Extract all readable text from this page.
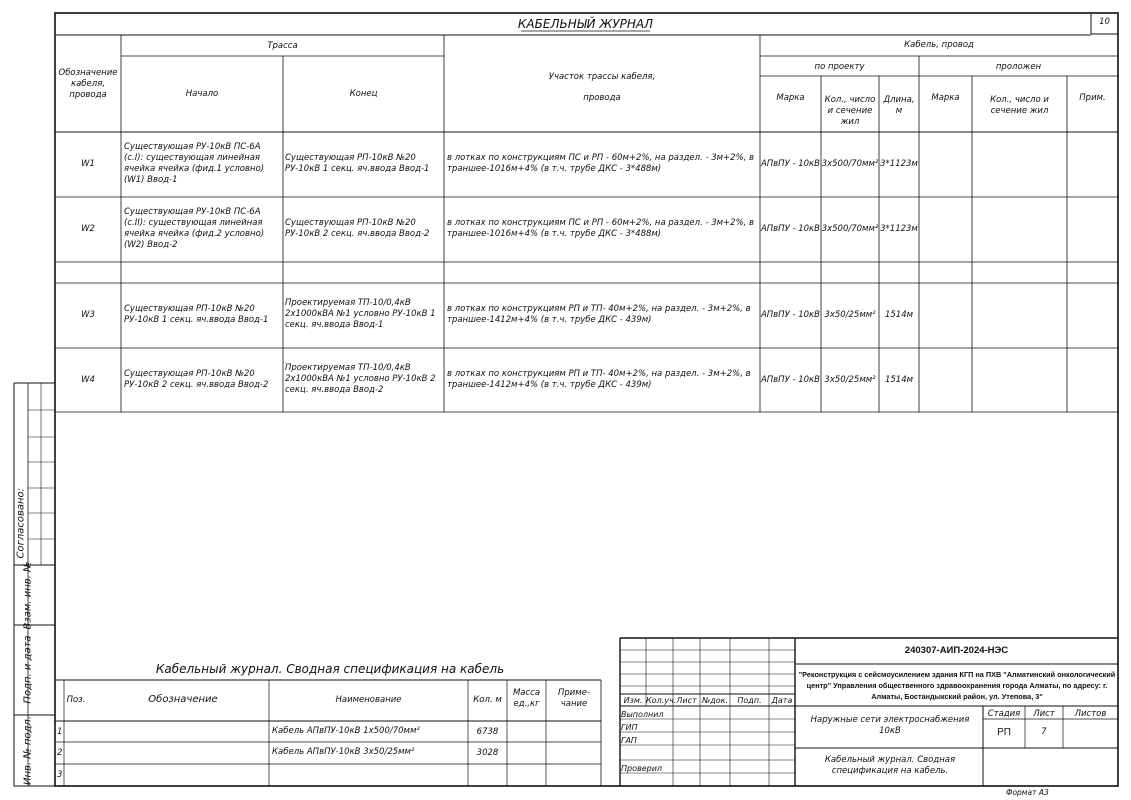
10
КАБЕЛЬНЫЙ ЖУРНАЛ
Обозначение кабеля, провода
Трасса
Начало	Конец
Участок трассы кабеля, провода
Кабель, провод
по проекту	проложен
Марка	Кол., число и сечение жил
Длина, м
Марка	Кол., число и сечение жил
Прим.
W1
Существующая РУ-10кВ ПС-6А (с.I): существующая линейная ячейка ячейка (фид.1 условно) (W1) Ввод-1
Существующая РП-10кВ №20 РУ-10кВ 1 секц. яч.ввода Ввод-1
в лотках по конструкциям ПС и РП - 60м+2%, на раздел. - 3м+2%, в траншее-1016м+4% (в т.ч. трубе ДКС - 3*488м)	АПвПУ - 10кВ 3х500/70мм² 3*1123м
W2
Существующая РУ-10кВ ПС-6А (с.II): существующая линейная ячейка ячейка (фид.2 условно) (W2) Ввод-2
Существующая РП-10кВ №20 РУ-10кВ 2 секц. яч.ввода Ввод-2
в лотках по конструкциям ПС и РП - 60м+2%, на раздел. - 3м+2%, в траншее-1016м+4% (в т.ч. трубе ДКС - 3*488м)	АПвПУ - 10кВ 3х500/70мм² 3*1123м
W3
Существующая РП-10кВ №20 РУ-10кВ 1 секц. яч.ввода Ввод-1
Проектируемая ТП-10/0,4кВ 2х1000кВА №1 условно РУ-10кВ 1 секц. яч.ввода Ввод-1
в лотках по конструкциям РП и ТП- 40м+2%, на раздел. - 3м+2%, в траншее-1412м+4% (в т.ч. трубе ДКС - 439м)	АПвПУ - 10кВ 3х50/25мм²	1514м
W4
Существующая РП-10кВ №20 РУ-10кВ 2 секц. яч.ввода Ввод-2
Проектируемая ТП-10/0,4кВ 2х1000кВА №1 условно РУ-10кВ 2 секц. яч.ввода Ввод-2
в лотках по конструкциям РП и ТП- 40м+2%, на раздел. - 3м+2%, в траншее-1412м+4% (в т.ч. трубе ДКС - 439м)	АПвПУ - 10кВ 3х50/25мм²	1514м
Согласовано:
Взам. инв. №
Подп. и дата
Инв. № подл.
Кабельный журнал. Сводная спецификация на кабель
Поз.	Обозначение	Наименование	Кол. м
Масса ед.,кг
Приме- чание
1	Кабель АПвПУ-10кВ 1х500/70мм²	6738
2	Кабель АПвПУ-10кВ 3х50/25мм²	3028
3
240307-АИП-2024-НЭС
"Реконструкция с сейсмоусилением здания КГП на ПХВ "Алматинский онкологический центр" Управления общественного здравоохранения города Алматы, по адресу: г. Алматы, Бостандыкский район, ул. Утепова, 3"
Изм. Кол.уч. Лист №док.	Подп.	Дата
Выполнил
ГИП
ГАП
Проверил
Наружные сети электроснабжения 10кВ
Стадия	Лист	Листов
РП	7
Кабельный журнал. Сводная спецификация на кабель.
Формат А3
